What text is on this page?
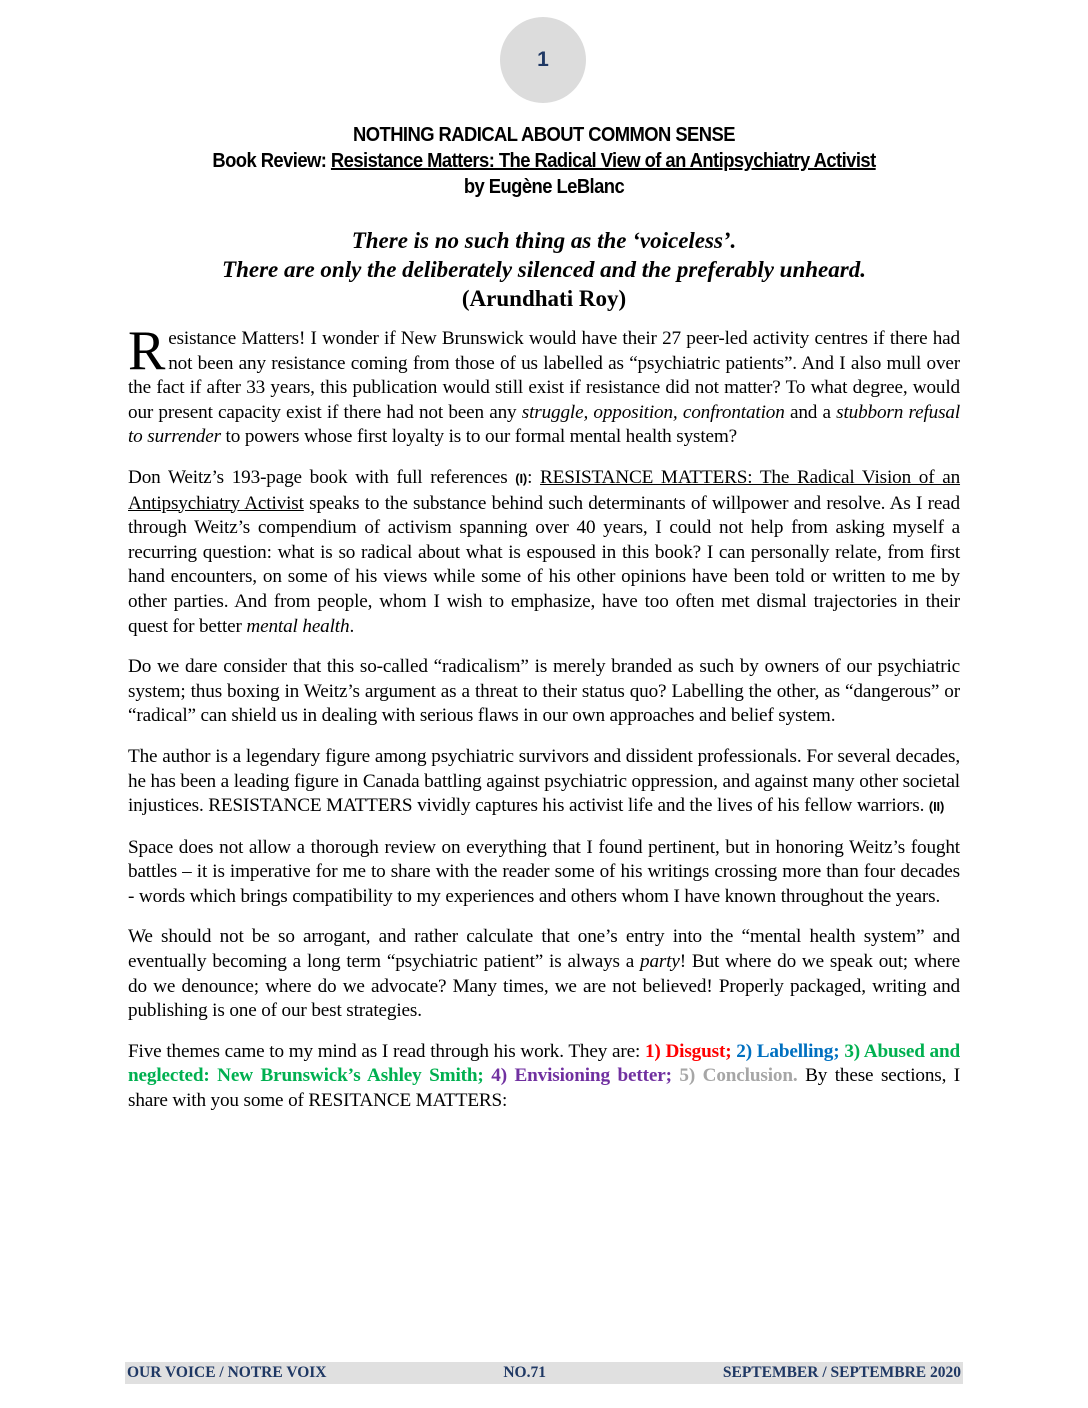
1
NOTHING RADICAL ABOUT COMMON SENSE
Book Review: Resistance Matters: The Radical View of an Antipsychiatry Activist
by Eugène LeBlanc
There is no such thing as the ‘voiceless’.
There are only the deliberately silenced and the preferably unheard.
(Arundhati Roy)

Resistance Matters! I wonder if New Brunswick would have their 27 peer-led activity centres if there had not been any resistance coming from those of us labelled as “psychiatric patients”. And I also mull over the fact if after 33 years, this publication would still exist if resistance did not matter? To what degree, would our present capacity exist if there had not been any struggle, opposition, confrontation and a stubborn refusal to surrender to powers whose first loyalty is to our formal mental health system?

Don Weitz’s 193-page book with full references (I): RESISTANCE MATTERS: The Radical Vision of an Antipsychiatry Activist speaks to the substance behind such determinants of willpower and resolve. As I read through Weitz’s compendium of activism spanning over 40 years, I could not help from asking myself a recurring question: what is so radical about what is espoused in this book? I can personally relate, from first hand encounters, on some of his views while some of his other opinions have been told or written to me by other parties. And from people, whom I wish to emphasize, have too often met dismal trajectories in their quest for better mental health.

Do we dare consider that this so-called “radicalism” is merely branded as such by owners of our psychiatric system; thus boxing in Weitz’s argument as a threat to their status quo? Labelling the other, as “dangerous” or “radical” can shield us in dealing with serious flaws in our own approaches and belief system.

The author is a legendary figure among psychiatric survivors and dissident professionals. For several decades, he has been a leading figure in Canada battling against psychiatric oppression, and against many other societal injustices. RESISTANCE MATTERS vividly captures his activist life and the lives of his fellow warriors. (II)

Space does not allow a thorough review on everything that I found pertinent, but in honoring Weitz’s fought battles – it is imperative for me to share with the reader some of his writings crossing more than four decades - words which brings compatibility to my experiences and others whom I have known throughout the years.

We should not be so arrogant, and rather calculate that one’s entry into the “mental health system” and eventually becoming a long term “psychiatric patient” is always a party! But where do we speak out; where do we denounce; where do we advocate? Many times, we are not believed! Properly packaged, writing and publishing is one of our best strategies.

Five themes came to my mind as I read through his work. They are: 1) Disgust; 2) Labelling; 3) Abused and neglected: New Brunswick’s Ashley Smith; 4) Envisioning better; 5) Conclusion. By these sections, I share with you some of RESITANCE MATTERS:

OUR VOICE / NOTRE VOIX	NO.71	SEPTEMBER / SEPTEMBRE 2020
